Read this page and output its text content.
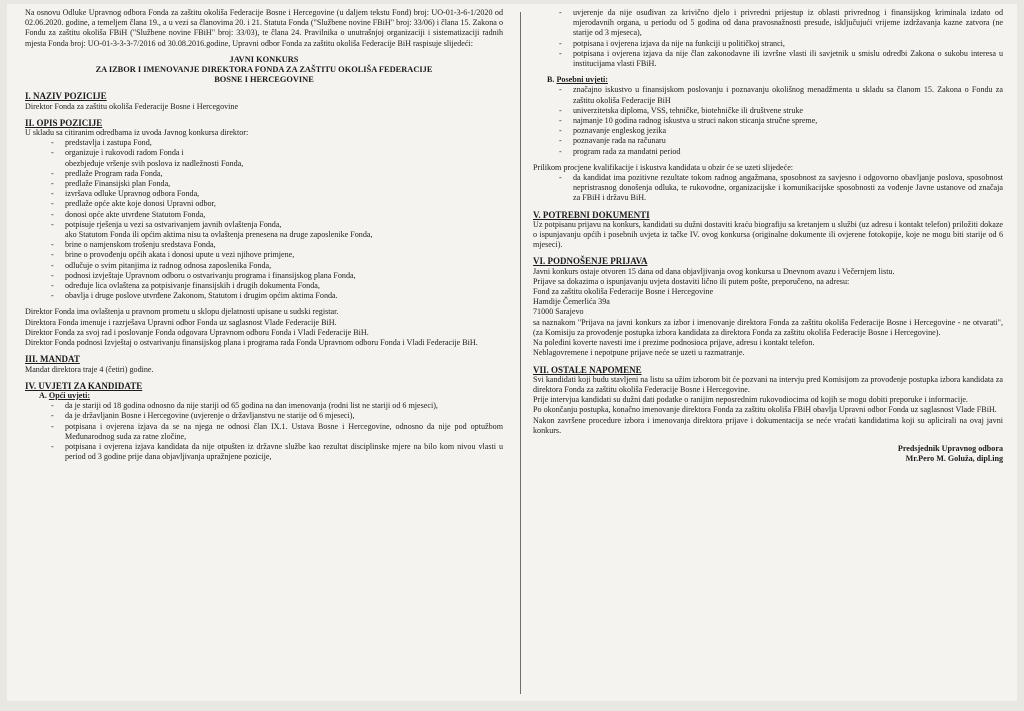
Na osnovu Odluke Upravnog odbora Fonda za zaštitu okoliša Federacije Bosne i Hercegovine (u daljem tekstu Fond) broj: UO-01-3-6-1/2020 od 02.06.2020. godine, a temeljem člana 19., a u vezi sa članovima 20. i 21. Statuta Fonda ("Službene novine FBiH" broj: 33/06) i člana 15. Zakona o Fondu za zaštitu okoliša FBiH ("Službene novine FBiH" broj: 33/03), te člana 24. Pravilnika o unutrašnjoj organizaciji i sistematizaciji radnih mjesta Fonda broj: UO-01-3-3-3-7/2016 od 30.08.2016.godine, Upravni odbor Fonda za zaštitu okoliša Federacije BiH raspisuje slijedeći:

JAVNI KONKURS
ZA IZBOR I IMENOVANJE DIREKTORA FONDA ZA ZAŠTITU OKOLIŠA FEDERACIJE
BOSNE I HERCEGOVINE
I. NAZIV POZICIJE

Direktor Fonda za zaštitu okoliša Federacije Bosne i Hercegovine

II. OPIS POZICIJE

U skladu sa citiranim odredbama iz uvoda Javnog konkursa direktor:

- predstavlja i zastupa Fond,
- organizuje i rukovodi radom Fonda i
obezbjeđuje vršenje svih poslova iz nadležnosti Fonda,
- predlaže Program rada Fonda,
- predlaže Finansijski plan Fonda,
- izvršava odluke Upravnog odbora Fonda,
- predlaže opće akte koje donosi Upravni odbor,
- donosi opće akte utvrđene Statutom Fonda,
- potpisuje rješenja u vezi sa ostvarivanjem javnih ovlaštenja Fonda,
ako Statutom Fonda ili općim aktima nisu ta ovlaštenja prenesena na druge zaposlenike Fonda,
- brine o namjenskom trošenju sredstava Fonda,
- brine o provođenju općih akata i donosi upute u vezi njihove primjene,
- odlučuje o svim pitanjima iz radnog odnosa zaposlenika Fonda,
- podnosi izvještaje Upravnom odboru o ostvarivanju programa i finansijskog plana Fonda,
- određuje lica ovlaštena za potpisivanje finansijskih i drugih dokumenta Fonda,
- obavlja i druge poslove utvrđene Zakonom, Statutom i drugim općim aktima Fonda.

Direktor Fonda ima ovlaštenja u pravnom prometu u sklopu djelatnosti upisane u sudski registar.

Direktora Fonda imenuje i razrješava Upravni odbor Fonda uz saglasnost Vlade Federacije BiH.

Direktor Fonda za svoj rad i poslovanje Fonda odgovara Upravnom odboru Fonda i Vladi Federacije BiH.

Direktor Fonda podnosi Izvještaj o ostvarivanju finansijskog plana i programa rada Fonda Upravnom odboru Fonda i Vladi Federacije BiH.

III. MANDAT

Mandat direktora traje 4 (četiri) godine.

IV. UVJETI ZA KANDIDATE
A. Opći uvjeti:
- da je stariji od 18 godina odnosno da nije stariji od 65 godina na dan imenovanja (rodni list ne stariji od 6 mjeseci),
- da je državljanin Bosne i Hercegovine (uvjerenje o državljanstvu ne starije od 6 mjeseci),
- potpisana i ovjerena izjava da se na njega ne odnosi član IX.1. Ustava Bosne i Hercegovine, odnosno da nije pod optužbom Međunarodnog suda za ratne zločine,
- potpisana i ovjerena izjava kandidata da nije otpušten iz državne službe kao rezultat disciplinske mjere na bilo kom nivou vlasti u period od 3 godine prije dana objavljivanja upražnjene pozicije,
- uvjerenje da nije osuđivan za krivično djelo i privredni prijestup iz oblasti privrednog i finansijskog kriminala izdato od mjerodavnih organa, u periodu od 5 godina od dana pravosnažnosti presude, isključujući vrijeme izdržavanja kazne zatvora (ne starije od 3 mjeseca),
- potpisana i ovjerena izjava da nije na funkciji u političkoj stranci,
- potpisana i ovjerena izjava da nije član zakonodavne ili izvršne vlasti ili savjetnik u smislu odredbi Zakona o sukobu interesa u institucijama vlasti FBiH.
B. Posebni uvjeti:
- značajno iskustvo u finansijskom poslovanju i poznavanju okolišnog menadžmenta u skladu sa članom 15. Zakona o Fondu za zaštitu okoliša Federacije BiH
- univerzitetska diploma, VSS, tehničke, biotehničke ili društvene struke
- najmanje 10 godina radnog iskustva u struci nakon sticanja stručne spreme,
- poznavanje engleskog jezika
- poznavanje rada na računaru
- program rada za mandatni period

Prilikom procjene kvalifikacije i iskustva kandidata u obzir će se uzeti slijedeće:

- da kandidat ima pozitivne rezultate tokom radnog angažmana, sposobnost za savjesno i odgovorno obavljanje poslova, sposobnost nepristrasnog donošenja odluka, te rukovodne, organizacijske i komunikacijske sposobnosti za vođenje Javne ustanove od značaja za FBiH i državu BiH.
V. POTREBNI DOKUMENTI

Uz potpisanu prijavu na konkurs, kandidati su dužni dostaviti kraću biografiju sa kretanjem u službi (uz adresu i kontakt telefon) priložiti dokaze o ispunjavanju općih i posebnih uvjeta iz tačke IV. ovog konkursa (originalne dokumente ili ovjerene fotokopije, koje ne mogu biti starije od 6 mjeseci).

VI. PODNOŠENJE PRIJAVA

Javni konkurs ostaje otvoren 15 dana od dana objavljivanja ovog konkursa u Dnevnom avazu i Večernjem listu.

Prijave sa dokazima o ispunjavanju uvjeta dostaviti lično ili putem pošte, preporučeno, na adresu:

Fond za zaštitu okoliša Federacije Bosne i Hercegovine

Hamdije Čemerlića 39a

71000 Sarajevo

sa naznakom "Prijava na javni konkurs za izbor i imenovanje direktora Fonda za zaštitu okoliša Federacije Bosne i Hercegovine - ne otvarati", (za Komisiju za provođenje postupka izbora kandidata za direktora Fonda za zaštitu okoliša Federacije Bosne i Hercegovine).

Na poleđini koverte navesti ime i prezime podnosioca prijave, adresu i kontakt telefon.

Neblagovremene i nepotpune prijave neće se uzeti u razmatranje.

VII. OSTALE NAPOMENE

Svi kandidati koji budu stavljeni na listu sa užim izborom bit će pozvani na intervju pred Komisijom za provođenje postupka izbora kandidata za direktora Fonda za zaštitu okoliša Federacije Bosne i Hercegovine.

Prije intervjua kandidati su dužni dati podatke o ranijim neposrednim rukovodiocima od kojih se mogu dobiti preporuke i informacije.

Po okončanju postupka, konačno imenovanje direktora Fonda za zaštitu okoliša FBiH obavlja Upravni odbor Fonda uz saglasnost Vlade FBiH.

Nakon završene procedure izbora i imenovanja direktora prijave i dokumentacija se neće vraćati kandidatima koji su aplicirali na ovaj javni konkurs.

Predsjednik Upravnog odbora
Mr.Pero M. Goluža, dipl.ing
